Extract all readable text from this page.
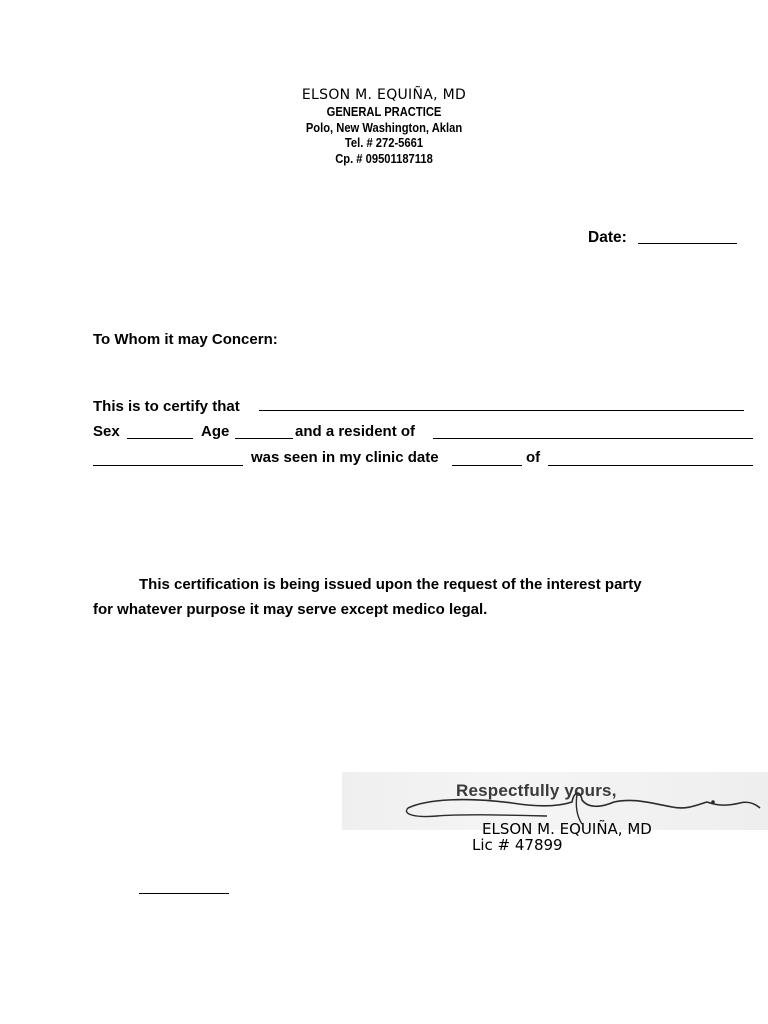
ELSON M. EQUIÑA, MD
GENERAL PRACTICE
Polo, New Washington, Aklan
Tel. # 272-5661
Cp. # 09501187118
Date:
To Whom it may Concern:
This is to certify that
Sex	Age	and a resident of
was seen in my clinic date	of
This certification is being issued upon the request of the interest party
for whatever purpose it may serve except medico legal.
Respectfully yours,
ELSON M. EQUIÑA, MD
Lic # 47899
